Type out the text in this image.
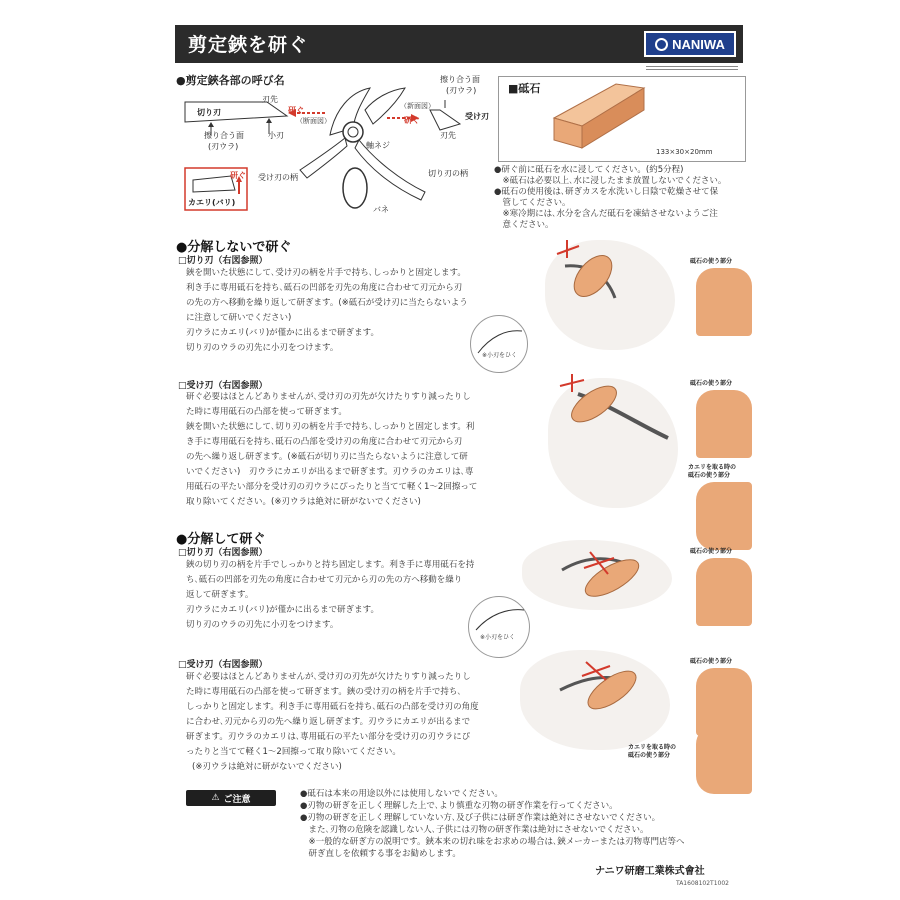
剪定鋏を研ぐ	NANIWA
●剪定鋏各部の呼び名
切り刃
刃先
研ぐ
（断面図）
小刃
擦り合う面
(刃ウラ)
擦り合う面
(刃ウラ)
（新面図）
受け刃
研ぐ
刃先
軸ネジ
切り刃の柄
受け刃の柄
バネ
研ぐ
カエリ(バリ)
■砥石
133×30×20mm
●研ぐ前に砥石を水に浸してください。(約5分程)
　※砥石は必要以上､水に浸したまま放置しないでください。
●砥石の使用後は､研ぎカスを水洗いし日陰で乾燥させて保
　管してください。
　※寒冷期には､水分を含んだ砥石を凍結させないようご注
　意ください。
●分解しないで研ぐ
□切り刃（右図参照）
鋏を開いた状態にして､受け刃の柄を片手で持ち､しっかりと固定します。
利き手に専用砥石を持ち､砥石の凹部を刃先の角度に合わせて刃元から刃
の先の方へ移動を繰り返して研ぎます。(※砥石が受け刃に当たらないよう
に注意して研いでください)
刃ウラにカエリ(バリ)が僅かに出るまで研ぎます。
切り刃のウラの刃先に小刃をつけます。
※小刃をひく
砥石の使う部分
□受け刃（右図参照）
研ぐ必要はほとんどありませんが､受け刃の刃先が欠けたりすり減ったりし
た時に専用砥石の凸部を使って研ぎます。
鋏を開いた状態にして､切り刃の柄を片手で持ち､しっかりと固定します。利
き手に専用砥石を持ち､砥石の凸部を受け刃の角度に合わせて刃元から刃
の先へ繰り返し研ぎます。(※砥石が切り刃に当たらないように注意して研
いでください)　刃ウラにカエリが出るまで研ぎます。刃ウラのカエリは､専
用砥石の平たい部分を受け刃の刃ウラにぴったりと当てて軽く1～2回擦って
取り除いてください。(※刃ウラは絶対に研がないでください)
砥石の使う部分
カエリを取る時の
砥石の使う部分
●分解して研ぐ
□切り刃（右図参照）
鋏の切り刃の柄を片手でしっかりと持ち固定します。利き手に専用砥石を持
ち､砥石の凹部を刃先の角度に合わせて刃元から刃の先の方へ移動を繰り
返して研ぎます。
刃ウラにカエリ(バリ)が僅かに出るまで研ぎます。
切り刃のウラの刃先に小刃をつけます。
※小刃をひく
砥石の使う部分
□受け刃（右図参照）
研ぐ必要はほとんどありませんが､受け刃の刃先が欠けたりすり減ったりし
た時に専用砥石の凸部を使って研ぎます。鋏の受け刃の柄を片手で持ち､
しっかりと固定します。利き手に専用砥石を持ち､砥石の凸部を受け刃の角度
に合わせ､刃元から刃の先へ繰り返し研ぎます。刃ウラにカエリが出るまで
研ぎます。刃ウラのカエリは､専用砥石の平たい部分を受け刃の刃ウラにぴ
ったりと当てて軽く1～2回擦って取り除いてください。
(※刃ウラは絶対に研がないでください)
砥石の使う部分
カエリを取る時の
砥石の使う部分
⚠ ご注意
●砥石は本来の用途以外には使用しないでください。
●刃物の研ぎを正しく理解した上で､より慎重な刃物の研ぎ作業を行ってください。
●刃物の研ぎを正しく理解していない方､及び子供には研ぎ作業は絶対にさせないでください。
　また､刃物の危険を認識しない人､子供には刃物の研ぎ作業は絶対にさせないでください。
　※一般的な研ぎ方の説明です。鋏本来の切れ味をお求めの場合は､鋏メーカーまたは刃物専門店等へ
　研ぎ直しを依頼する事をお勧めします。
ナニワ研磨工業株式會社
TA1608102T1002
